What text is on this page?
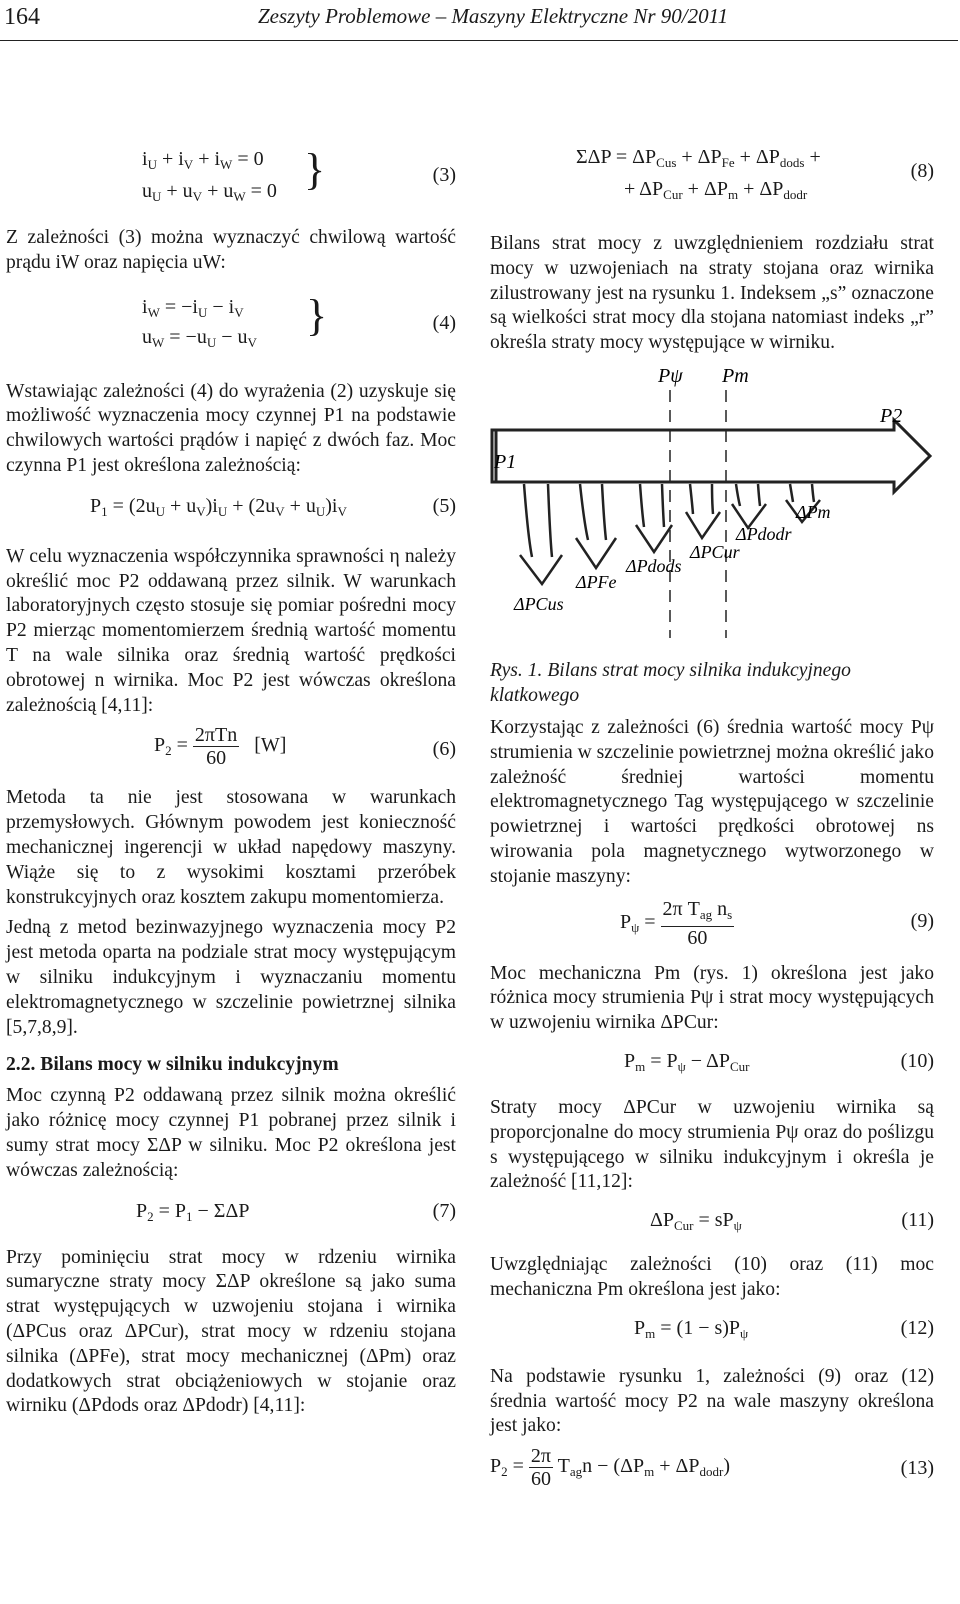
164	Zeszyty Problemowe – Maszyny Elektryczne Nr 90/2011
$i_U + i_V + i_W = 0$
$u_U + u_V + u_W = 0$ }	(3)

Z zależności (3) można wyznaczyć chwilową wartość prądu iW oraz napięcia uW:

$i_W = -i_U - i_V$
$u_W = -u_U - u_V$
}	(4)

Wstawiając zależności (4) do wyrażenia (2) uzyskuje się możliwość wyznaczenia mocy czynnej P1 na podstawie chwilowych wartości prądów i napięć z dwóch faz. Moc czynna P1 jest określona zależnością:

$P_1 = (2u_U + u_V)i_U + (2u_V + u_U)i_V$	(5)

W celu wyznaczenia współczynnika sprawności η należy określić moc P2 oddawaną przez silnik. W warunkach laboratoryjnych często stosuje się pomiar pośredni mocy P2 mierząc momentomierzem średnią wartość momentu T na wale silnika oraz średnią wartość prędkości obrotowej n wirnika. Moc P2 jest wówczas określona zależnością [4,11]:

$P_2 = \frac{\text{2πTn}}{60} [W]$	(6)

Metoda ta nie jest stosowana w warunkach przemysłowych. Głównym powodem jest konieczność mechanicznej ingerencji w układ napędowy maszyny. Wiąże się to z wysokimi kosztami przeróbek konstrukcyjnych oraz kosztem zakupu momentomierza.

Jedną z metod bezinwazyjnego wyznaczenia mocy P2 jest metoda oparta na podziale strat mocy występującym w silniku indukcyjnym i wyznaczaniu momentu elektromagnetycznego w szczelinie powietrznej silnika [5,7,8,9].

2.2. Bilans mocy w silniku indukcyjnym

Moc czynną P2 oddawaną przez silnik można określić jako różnicę mocy czynnej P1 pobranej przez silnik i sumy strat mocy ΣΔP w silniku. Moc P2 określona jest wówczas zależnością:

$P_2 = P_1 - \Sigma\Delta P$	(7)

Przy pominięciu strat mocy w rdzeniu wirnika sumaryczne straty mocy ΣΔP określone są jako suma strat występujących w uzwojeniu stojana i wirnika (ΔPCus oraz ΔPCur), strat mocy w rdzeniu stojana silnika (ΔPFe), strat mocy mechanicznej (ΔPm) oraz dodatkowych strat obciążeniowych w stojanie oraz wirniku (ΔPdods oraz ΔPdodr) [4,11]:

$\Sigma\Delta P = \Delta P_{Cus} + \Delta P_{Fe} + \Delta P_{dods}$ +
+ $\Delta P_{Cur} + \Delta P_m + \Delta P_{dodr}$
(8)

Bilans strat mocy z uwzględnieniem rozdziału strat mocy w uzwojeniach na straty stojana oraz wirnika zilustrowany jest na rysunku 1. Indeksem „s” oznaczone są wielkości strat mocy dla stojana natomiast indeks „r” określa straty mocy występujące w wirniku.

P1
P2
Pψ Pm
ΔPCus
ΔPFe
ΔPdods
ΔPCur
ΔPdodr
ΔPm

Rys. 1. Bilans strat mocy silnika indukcyjnego klatkowego

Korzystając z zależności (6) średnia wartość mocy Pψ strumienia w szczelinie powietrznej można określić jako zależność średniej wartości momentu elektromagnetycznego Tag występującego w szczelinie powietrznej i wartości prędkości obrotowej ns wirowania pola magnetycznego wytworzonego w stojanie maszyny:

$P_\psi = \frac{2\pi T_{ag} n_s}{60}$	(9)

Moc mechaniczna Pm (rys. 1) określona jest jako różnica mocy strumienia Pψ i strat mocy występujących w uzwojeniu wirnika ΔPCur:

$P_m = P_\psi - \Delta P_{Cur}$	(10)

Straty mocy ΔPCur w uzwojeniu wirnika są proporcjonalne do mocy strumienia Pψ oraz do poślizgu s występującego w silniku indukcyjnym i określa je zależność [11,12]:

$\Delta P_{Cur} = sP_\psi$	(11)

Uwzględniając zależności (10) oraz (11) moc mechaniczna Pm określona jest jako:

$P_m = (1 - s)P_\psi$	(12)

Na podstawie rysunku 1, zależności (9) oraz (12) średnia wartość mocy P2 na wale maszyny określona jest jako:

$P_2 = \frac{2\pi}{60} T_{ag}n - (\Delta P_m + \Delta P_{dodr})$	(13)
